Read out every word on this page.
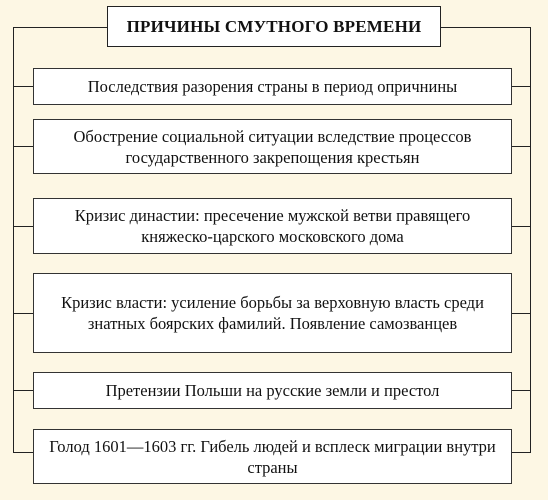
ПРИЧИНЫ СМУТНОГО ВРЕМЕНИ
Последствия разорения страны в период опричнины
Обострение социальной ситуации вследствие процессов государственного закрепощения крестьян
Кризис династии: пресечение мужской ветви правящего княжеско-царского московского дома
Кризис власти: усиление борьбы за верховную власть среди знатных боярских фамилий. Появление самозванцев
Претензии Польши на русские земли и престол
Голод 1601—1603 гг. Гибель людей и всплеск миграции внутри страны
